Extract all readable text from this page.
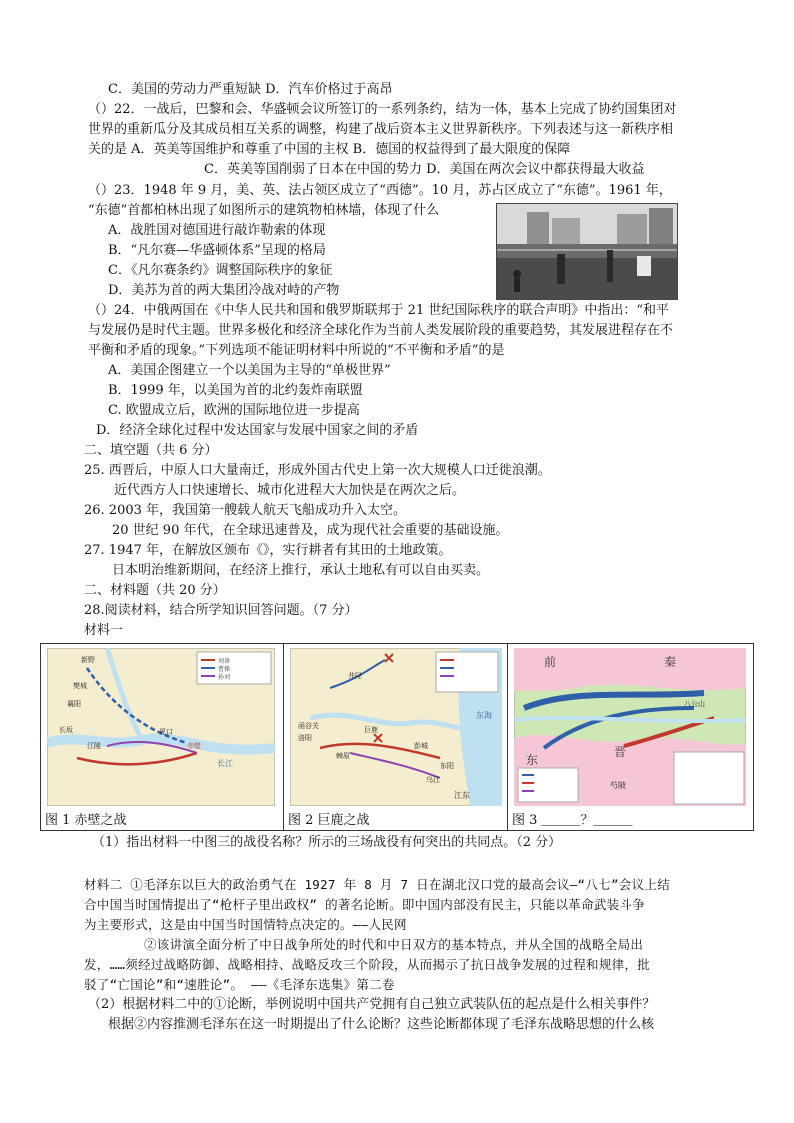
C．美国的劳动力严重短缺 D．汽车价格过于高昂
（）22．一战后，巴黎和会、华盛顿会议所签订的一系列条约，结为一体，基本上完成了协约国集团对
世界的重新瓜分及其成员相互关系的调整，构建了战后资本主义世界新秩序。下列表述与这一新秩序相
关的是 A．英美等国维护和尊重了中国的主权 B．德国的权益得到了最大限度的保障
C．英美等国削弱了日本在中国的势力 D．美国在两次会议中都获得最大收益
（）23．1948 年 9 月，美、英、法占领区成立了“西德”。10 月，苏占区成立了“东德”。1961 年，
“东德”首都柏林出现了如图所示的建筑物柏林墙，体现了什么
A．战胜国对德国进行敲诈勒索的体现
B．“凡尔赛—华盛顿体系”呈现的格局
C．《凡尔赛条约》调整国际秩序的象征
D．美苏为首的两大集团冷战对峙的产物
（）24．中俄两国在《中华人民共和国和俄罗斯联邦于 21 世纪国际秩序的联合声明》中指出：“和平
与发展仍是时代主题。世界多极化和经济全球化作为当前人类发展阶段的重要趋势，其发展进程存在不
平衡和矛盾的现象。”下列选项不能证明材料中所说的“不平衡和矛盾”的是
A．美国企图建立一个以美国为主导的“单极世界”
B．1999 年，以美国为首的北约轰炸南联盟
C. 欧盟成立后，欧洲的国际地位进一步提高
D．经济全球化过程中发达国家与发展中国家之间的矛盾
二、填空题（共 6 分）
25. 西晋后，中原人口大量南迁，形成外国古代史上第一次大规模人口迁徙浪潮。
近代西方人口快速增长、城市化进程大大加快是在两次之后。
26. 2003 年，我国第一艘载人航天飞船成功升入太空。
20 世纪 90 年代，在全球迅速普及，成为现代社会重要的基础设施。
27. 1947 年，在解放区颁布《》，实行耕者有其田的土地政策。
日本明治维新期间，在经济上推行，承认土地私有可以自由买卖。
二、材料题（共 20 分）
28.阅读材料，结合所学知识回答问题。（7 分）
材料一
刘备
曹操
孙刘
新野
樊城
襄阳
江陵
长坂	夏口
长江
赤壁
图 1 赤壁之战
井陉
洛阳
函谷关
棘原
巨鹿
彭城
东阳
乌江
江东
东海
图 2 巨鹿之战
前	秦
八公山
东
晋
芍陂
图 3 ＿＿＿？＿＿＿
（1）指出材料一中图三的战役名称？所示的三场战役有何突出的共同点。（2 分）
材料二 ①毛泽东以巨大的政治勇气在 1927 年 8 月 7 日在湖北汉口党的最高会议—“八七”会议上结
合中国当时国情提出了“枪杆子里出政权” 的著名论断。即中国内部没有民主，只能以革命武装斗争
为主要形式，这是由中国当时国情特点决定的。——人民网
②该讲演全面分析了中日战争所处的时代和中日双方的基本特点，并从全国的战略全局出
发，……须经过战略防御、战略相持、战略反攻三个阶段，从而揭示了抗日战争发展的过程和规律，批
驳了“亡国论”和“速胜论”。 ——《毛泽东选集》第二卷
（2）根据材料二中的①论断，举例说明中国共产党拥有自己独立武装队伍的起点是什么相关事件？
根据②内容推测毛泽东在这一时期提出了什么论断？这些论断都体现了毛泽东战略思想的什么核
